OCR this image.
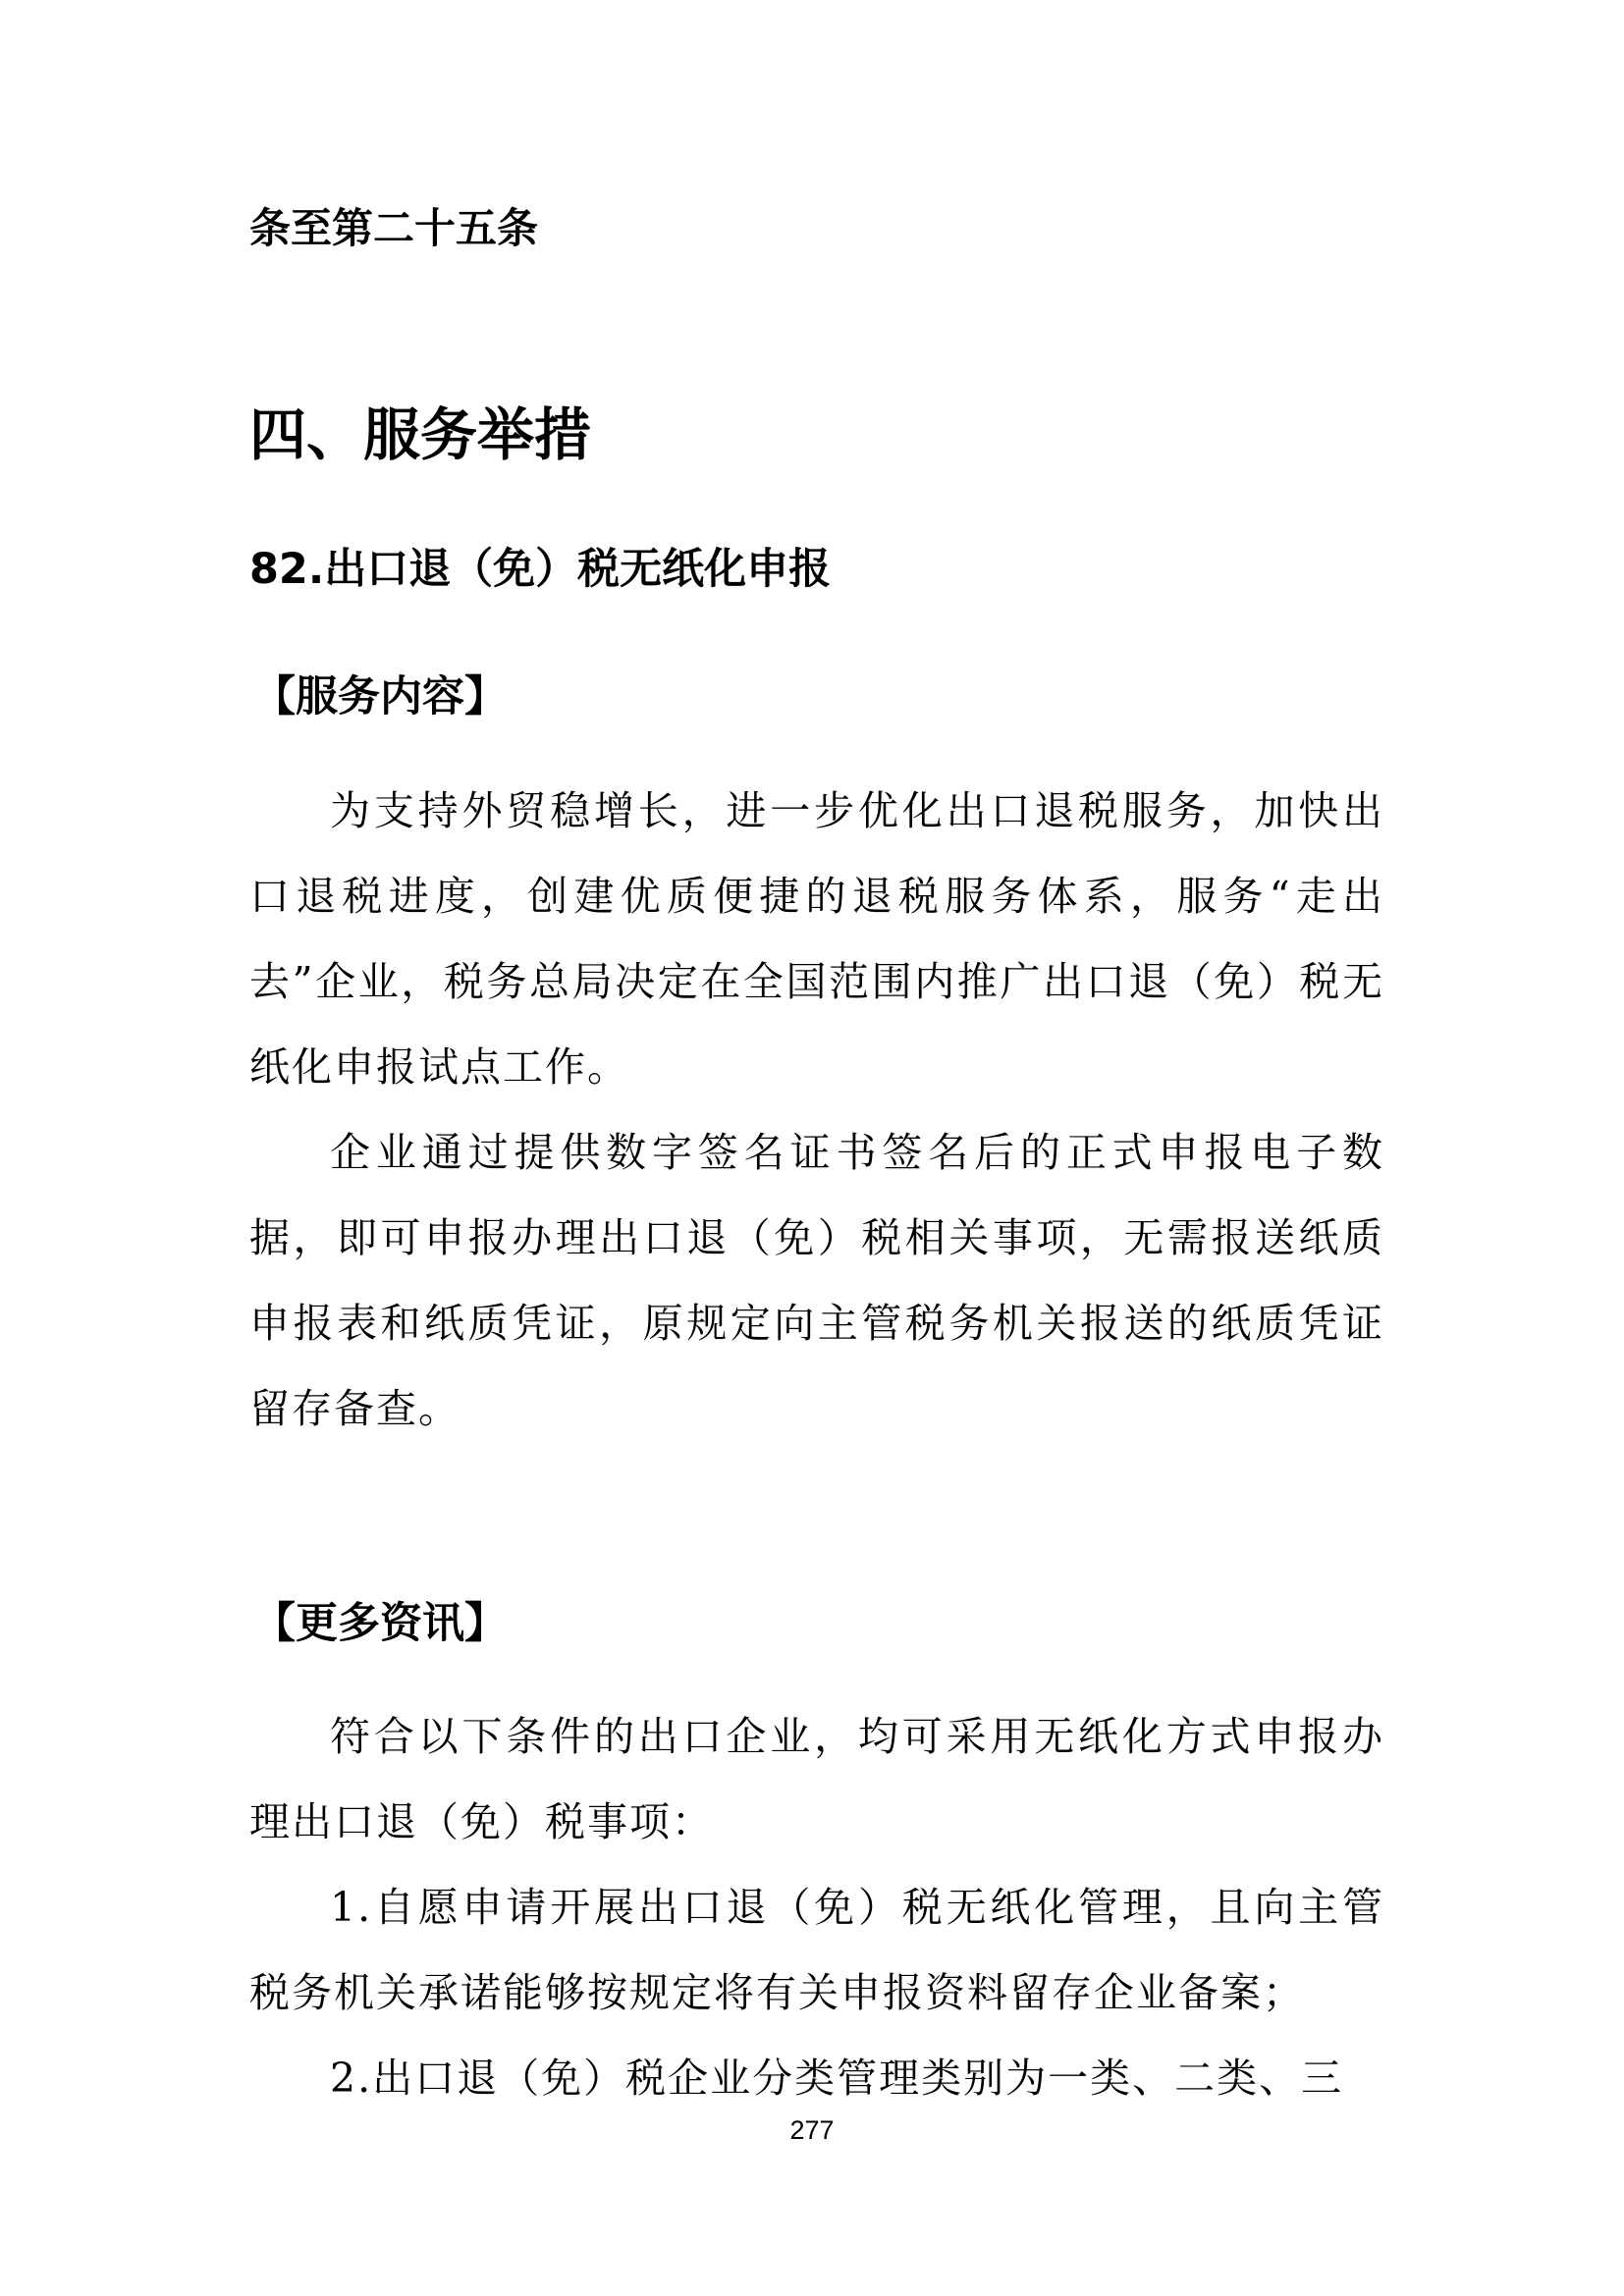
条至第二十五条

四、服务举措
82.出口退（免）税无纸化申报
【服务内容】

为支持外贸稳增长，进一步优化出口退税服务，加快出口退税进度，创建优质便捷的退税服务体系，服务“走出去”企业，税务总局决定在全国范围内推广出口退（免）税无纸化申报试点工作。

企业通过提供数字签名证书签名后的正式申报电子数据，即可申报办理出口退（免）税相关事项，无需报送纸质申报表和纸质凭证，原规定向主管税务机关报送的纸质凭证留存备查。

【更多资讯】

符合以下条件的出口企业，均可采用无纸化方式申报办理出口退（免）税事项：

1.自愿申请开展出口退（免）税无纸化管理，且向主管税务机关承诺能够按规定将有关申报资料留存企业备案；

2.出口退（免）税企业分类管理类别为一类、二类、三

277
